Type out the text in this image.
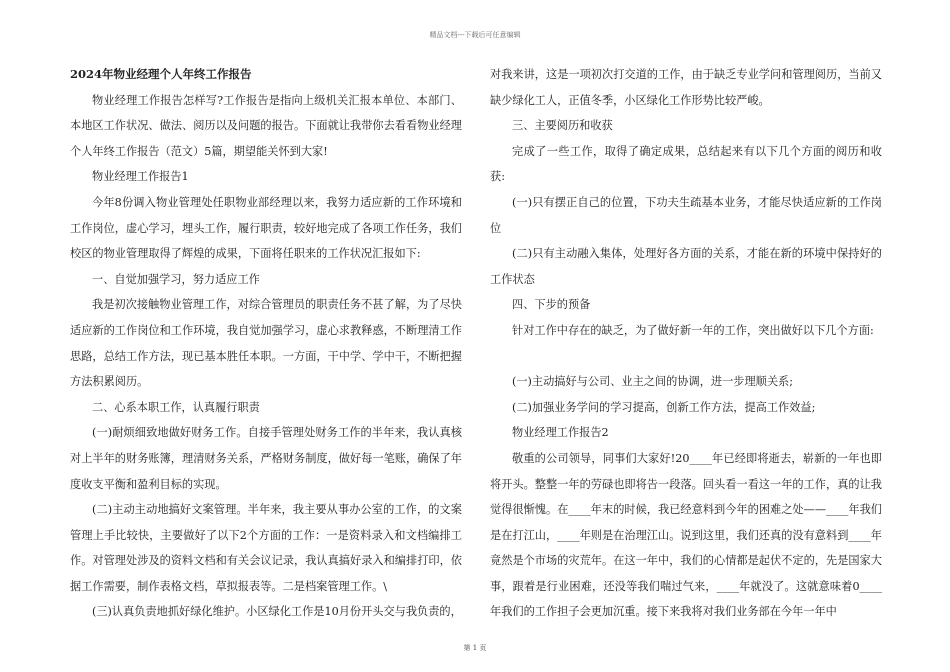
精品文档---下载后可任意编辑

2024年物业经理个人年终工作报告

物业经理工作报告怎样写?工作报告是指向上级机关汇报本单位、本部门、本地区工作状况、做法、阅历以及问题的报告。下面就让我带你去看看物业经理个人年终工作报告（范文）5篇，期望能关怀到大家!

物业经理工作报告1

今年8份调入物业管理处任职物业部经理以来，我努力适应新的工作环境和工作岗位，虚心学习，埋头工作，履行职责，较好地完成了各项工作任务，我们校区的物业管理取得了辉煌的成果，下面将任职来的工作状况汇报如下:

一、自觉加强学习，努力适应工作

我是初次接触物业管理工作，对综合管理员的职责任务不甚了解，为了尽快适应新的工作岗位和工作环境，我自觉加强学习，虚心求教释惑，不断理清工作思路，总结工作方法，现已基本胜任本职。一方面，干中学、学中干，不断把握方法积累阅历。

二、心系本职工作，认真履行职责

(一)耐烦细致地做好财务工作。自接手管理处财务工作的半年来，我认真核对上半年的财务账簿，理清财务关系，严格财务制度，做好每一笔账，确保了年度收支平衡和盈利目标的实现。

(二)主动主动地搞好文案管理。半年来，我主要从事办公室的工作，的文案管理上手比较快，主要做好了以下2个方面的工作：一是资料录入和文档编排工作。对管理处涉及的资料文档和有关会议记录，我认真搞好录入和编排打印，依据工作需要，制作表格文档，草拟报表等。二是档案管理工作。\

(三)认真负责地抓好绿化维护。小区绿化工作是10月份开头交与我负责的，

对我来讲，这是一项初次打交道的工作，由于缺乏专业学问和管理阅历，当前又缺少绿化工人，正值冬季，小区绿化工作形势比较严峻。

三、主要阅历和收获

完成了一些工作，取得了确定成果，总结起来有以下几个方面的阅历和收获:

(一)只有摆正自己的位置，下功夫生疏基本业务，才能尽快适应新的工作岗位

(二)只有主动融入集体，处理好各方面的关系，才能在新的环境中保持好的工作状态

四、下步的预备

针对工作中存在的缺乏，为了做好新一年的工作，突出做好以下几个方面:

(一)主动搞好与公司、业主之间的协调，进一步理顺关系;

(二)加强业务学问的学习提高，创新工作方法，提高工作效益;

物业经理工作报告2

敬重的公司领导，同事们大家好!20____年已经即将逝去，崭新的一年也即将开头。整整一年的劳碌也即将告一段落。回头看一看这一年的工作，真的让我觉得很惭愧。在____年末的时候，我已经意料到今年的困难之处——____年我们是在打江山，____年则是在治理江山。说到这里，我们还真的没有意料到____年竟然是个市场的灾荒年。在这一年中，我们的心情都是起伏不定的，先是国家大事，跟着是行业困难，还没等我们喘过气来，____年就没了。这就意味着0____年我们的工作担子会更加沉重。接下来我将对我们业务部在今年一年中

第 1 页
